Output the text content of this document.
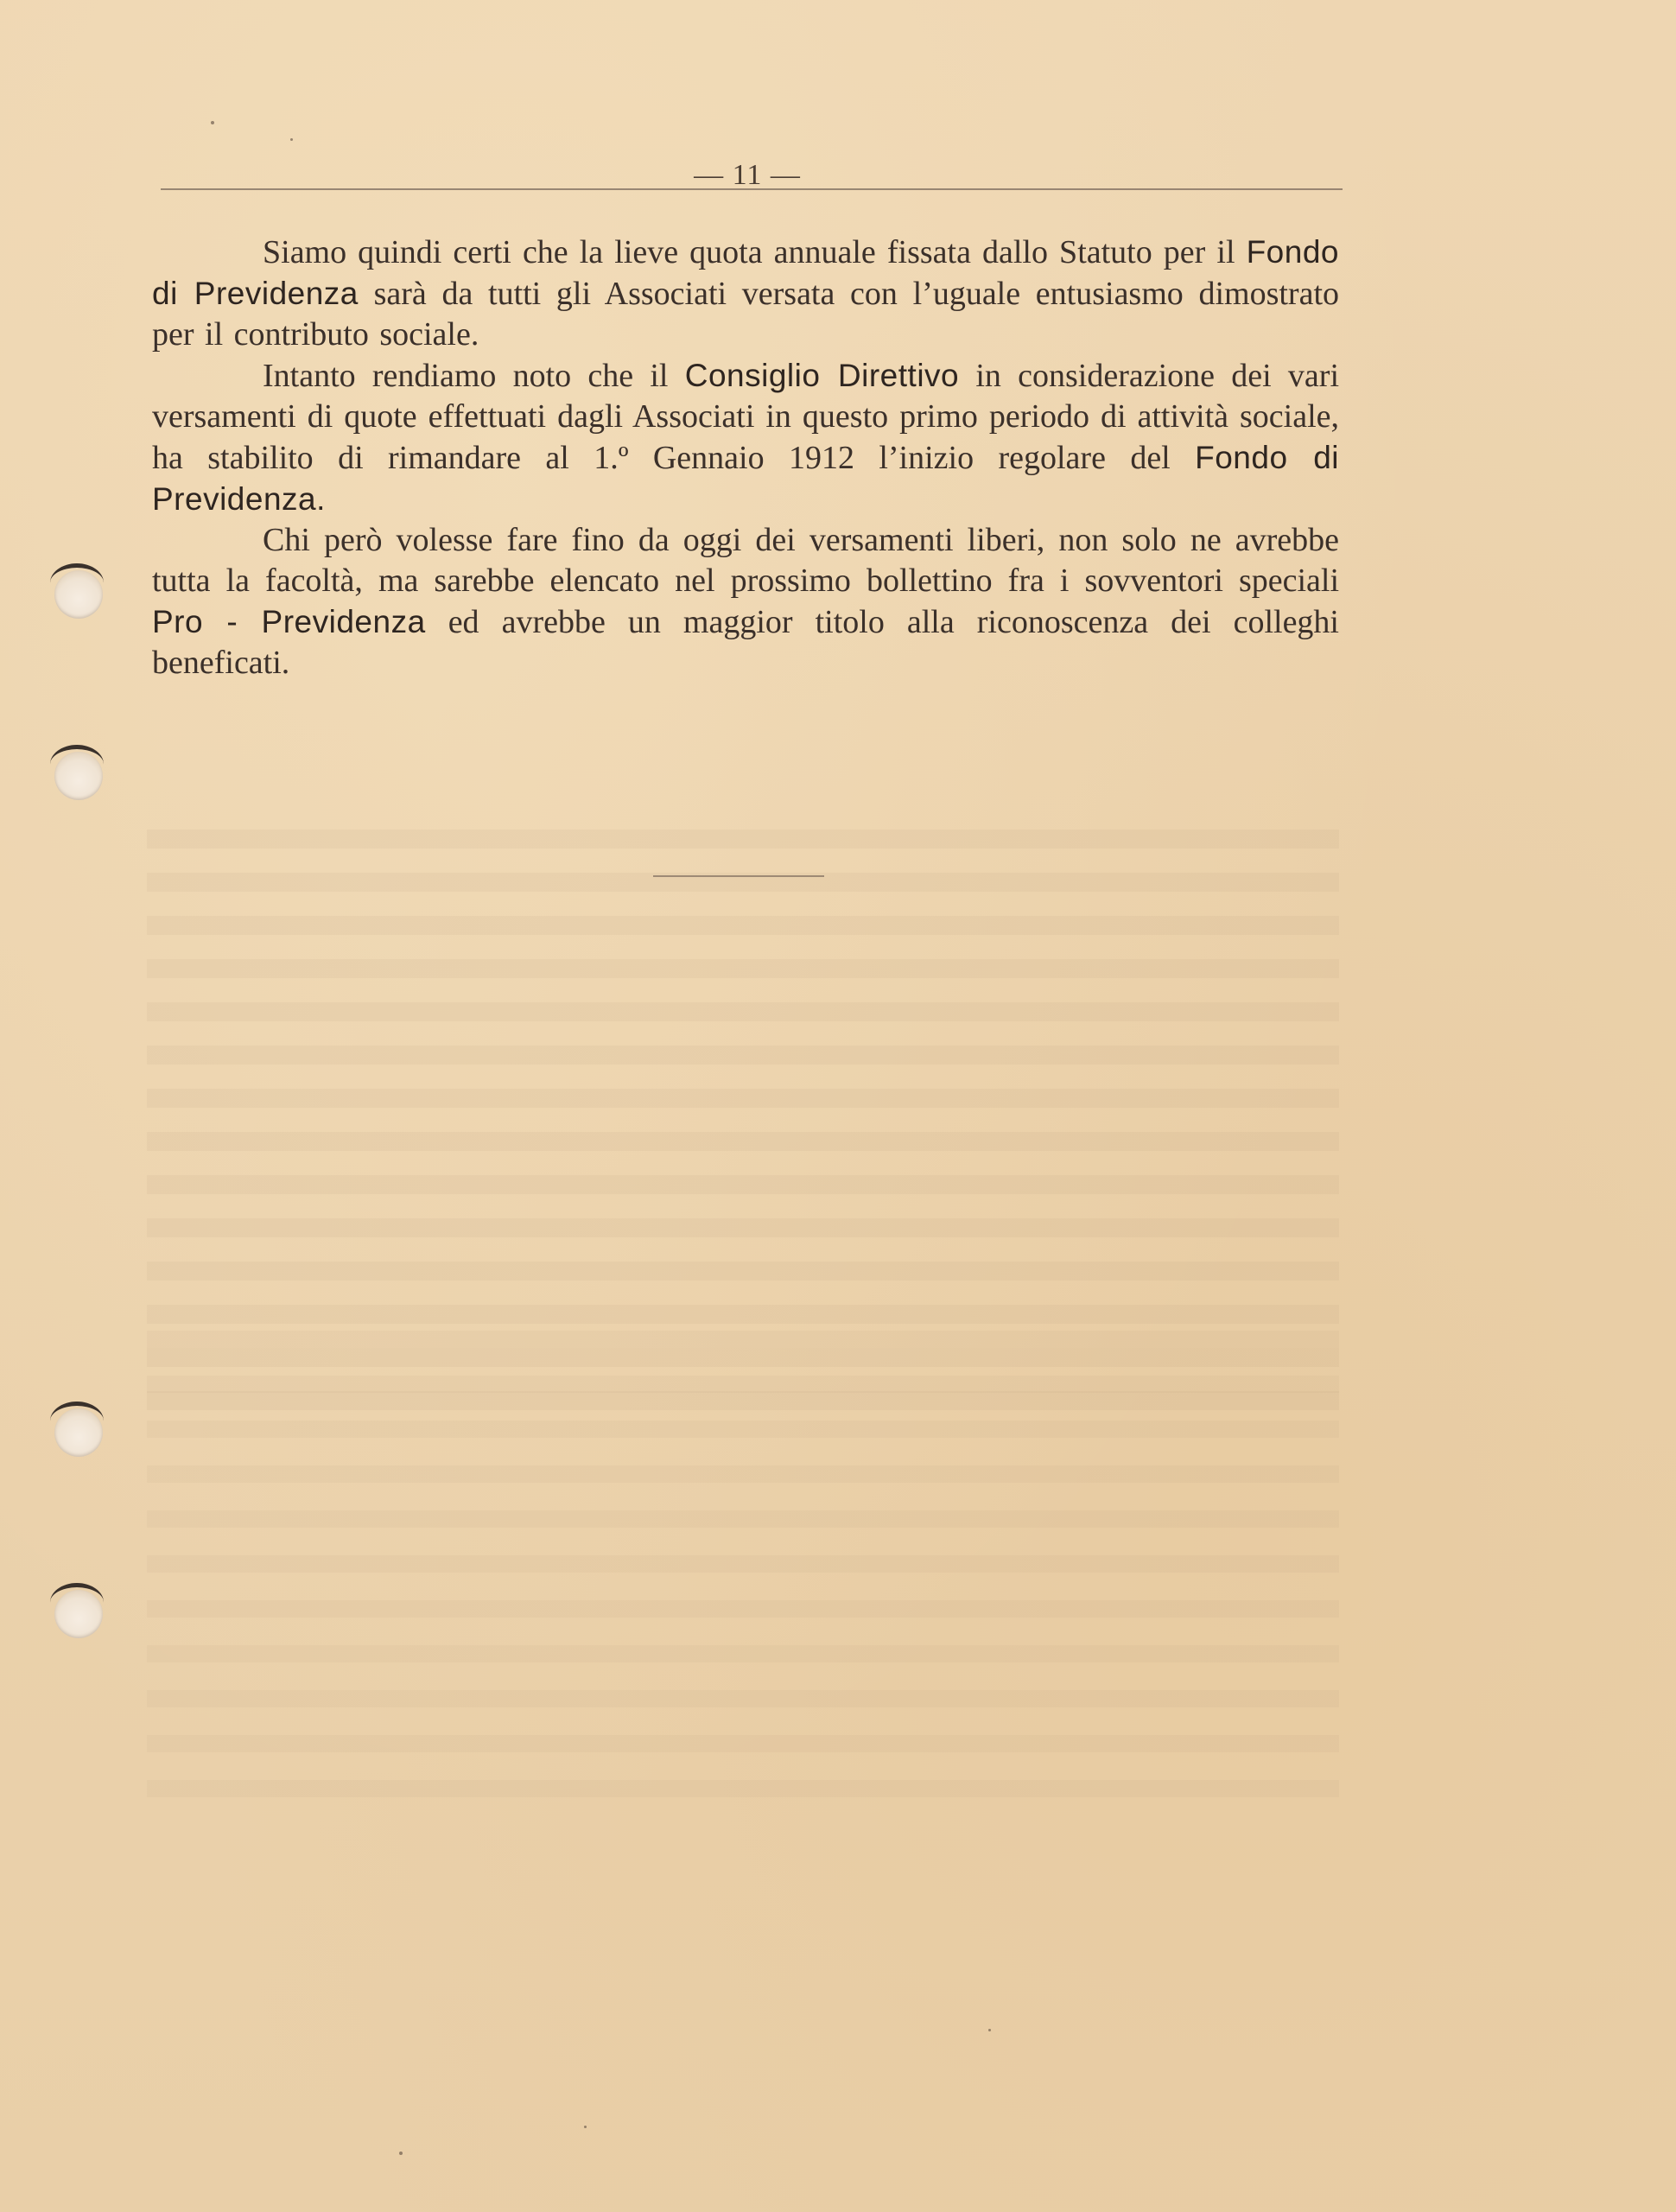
— 11 —

Siamo quindi certi che la lieve quota annuale fissata dallo Statuto per il Fondo di Previdenza sarà da tutti gli Associati versata con l’uguale entusiasmo dimostrato per il contributo sociale.

Intanto rendiamo noto che il Consiglio Direttivo in considerazione dei vari versamenti di quote effettuati dagli Associati in questo primo periodo di attività sociale, ha stabilito di rimandare al 1.º Gennaio 1912 l’inizio regolare del Fondo di Previdenza.

Chi però volesse fare fino da oggi dei versamenti liberi, non solo ne avrebbe tutta la facoltà, ma sarebbe elencato nel prossimo bollettino fra i sovventori speciali Pro - Previdenza ed avrebbe un maggior titolo alla riconoscenza dei colleghi beneficati.
